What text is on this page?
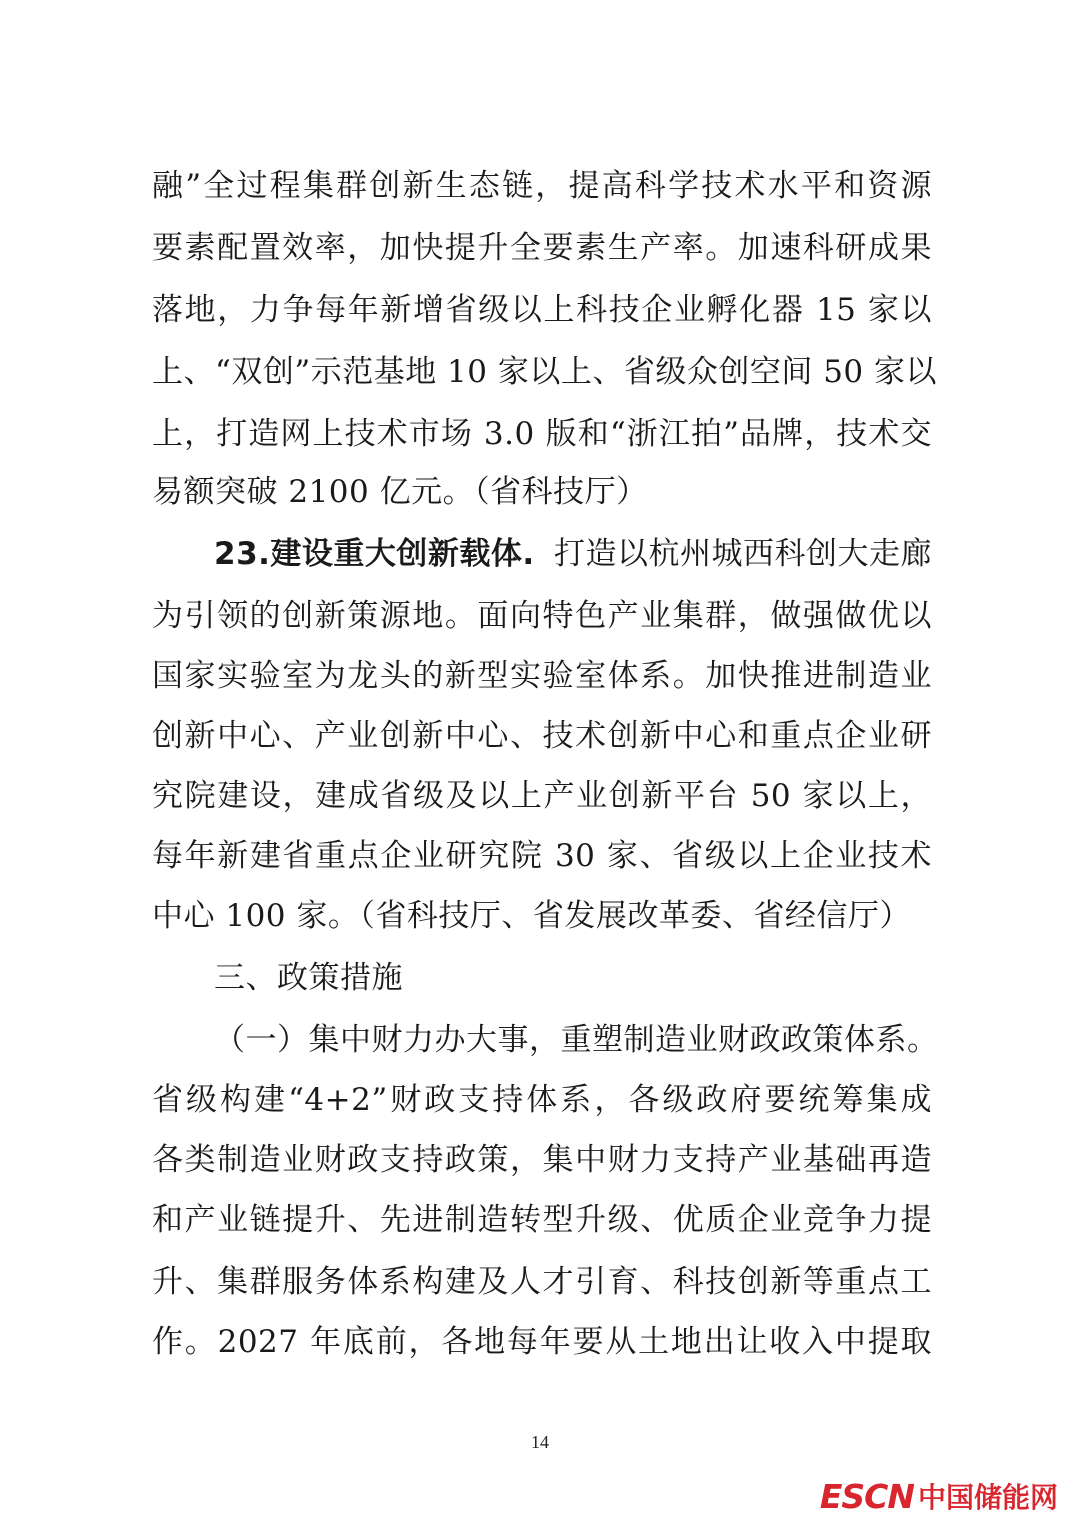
融”全过程集群创新生态链，提高科学技术水平和资源
要素配置效率，加快提升全要素生产率。加速科研成果
落地，力争每年新增省级以上科技企业孵化器 15 家以
上、“双创”示范基地 10 家以上、省级众创空间 50 家以
上，打造网上技术市场 3.0 版和“浙江拍”品牌，技术交
易额突破 2100 亿元。（省科技厅）
23.建设重大创新载体. 打造以杭州城西科创大走廊
为引领的创新策源地。面向特色产业集群，做强做优以
国家实验室为龙头的新型实验室体系。加快推进制造业
创新中心、产业创新中心、技术创新中心和重点企业研
究院建设，建成省级及以上产业创新平台 50 家以上，
每年新建省重点企业研究院 30 家、省级以上企业技术
中心 100 家。（省科技厅、省发展改革委、省经信厅）
三、政策措施
（一）集中财力办大事，重塑制造业财政政策体系。
省级构建“4+2”财政支持体系，各级政府要统筹集成
各类制造业财政支持政策，集中财力支持产业基础再造
和产业链提升、先进制造转型升级、优质企业竞争力提
升、集群服务体系构建及人才引育、科技创新等重点工
作。2027 年底前，各地每年要从土地出让收入中提取
14
ESCN 中国储能网
